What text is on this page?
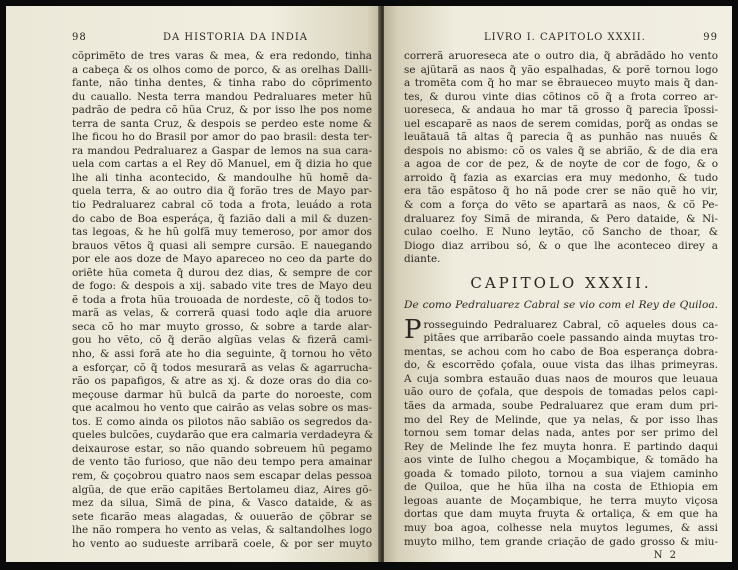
98	DA HISTORIA DA INDIA
cõprimẽto de tres varas & mea, & era redondo, tinha
a cabeça & os olhos como de porco, & as orelhas Dalli-
fante, não tinha dentes, & tinha rabo do cõprimento
du cauallo. Nesta terra mandou Pedraluares meter hũ
padrão de pedra cõ hũa Cruz, & por isso lhe pos nome
terra de santa Cruz, & despois se perdeo este nome &
lhe ficou ho do Brasil por amor do pao brasil: desta ter-
ra mandou Pedraluarez a Gaspar de lemos na sua cara-
uela com cartas a el Rey dõ Manuel, em q̃ dizia ho que
lhe ali tinha acontecido, & mandoulhe hũ homẽ da-
quela terra, & ao outro dia q̃ forão tres de Mayo par-
tio Pedraluarez cabral cõ toda a frota, leuádo a rota
do cabo de Boa esperáça, q̃ fazião dali a mil & duzen-
tas legoas, & he hũ golfã muy temeroso, por amor dos
brauos vẽtos q̃ quasi ali sempre cursão. E nauegando
por ele aos doze de Mayo apareceo no ceo da parte do
oriẽte hũa cometa q̃ durou dez dias, & sempre de cor
de fogo: & despois a xij. sabado vite tres de Mayo deu
ẽ toda a frota hũa trouoada de nordeste, cõ q̃ todos to-
marã as velas, & correrã quasi todo aqle dia aruore
seca cõ ho mar muyto grosso, & sobre a tarde alar-
gou ho vẽto, cõ q̃ derão algũas velas & fizerã cami-
nho, & assi forã ate ho dia seguinte, q̃ tornou ho vẽto
a esforçar, cõ q̃ todos mesurarã as velas & agarrucha-
rão os papafigos, & atre as xj. & doze oras do dia co-
meçouse darmar hũ bulcã da parte do noroeste, com
que acalmou ho vento que cairão as velas sobre os mas-
tos. E como ainda os pilotos não sabião os segredos da-
queles bulcões, cuydarão que era calmaria verdadeyra &
deixaurose estar, so não quando sobreuem hũ pegamo
de vento tão furioso, que não deu tempo pera amainar
rem, & çoçobrou quatro naos sem escapar delas pessoa
algũa, de que erão capitães Bertolameu diaz, Aires gõ-
mez da silua, Simã de pina, & Vasco dataide, & as
sete ficarão meas alagadas, & ouuerão de çõbrar se
lhe não rompera ho vento as velas, & saltandolhes logo
ho vento ao sudueste arribarã coele, & por ser muyto
LIVRO I. CAPITOLO XXXII.	99
correrã aruoreseca ate o outro dia, q̃ abrãdãdo ho vento
se ajũtarã as naos q̃ yão espalhadas, & porẽ tornou logo
a tromẽta com q̃ ho mar se ẽbraueceo muyto mais q̃ dan-
tes, & durou vinte dias cõtinos cõ q̃ a frota correo ar-
uoreseca, & andaua ho mar tã grosso q̃ parecia ĩpossi-
uel escaparẽ as naos de serem comidas, porq̃ as ondas se
leuãtauã tã altas q̃ parecia q̃ as punhão nas nuuẽs &
despois no abismo: cõ os vales q̃ se abrião, & de dia era
a agoa de cor de pez, & de noyte de cor de fogo, & o
arroido q̃ fazia as exarcias era muy medonho, & tudo
era tão espãtoso q̃ ho nã pode crer se não quẽ ho vir,
& com a força do vẽto se apartarã as naos, & cõ Pe-
draluarez foy Simã de miranda, & Pero dataide, & Ni-
culao coelho. E Nuno leytão, cõ Sancho de thoar, &
Diogo diaz arribou só, & o que lhe aconteceo direy a
diante.
CAPITOLO XXXII.
De como Pedraluarez Cabral se vio com el Rey de Quiloa.
P rosseguindo Pedraluarez Cabral, cõ aqueles dous ca-
pitães que arribarão coele passando ainda muytas tro-
mentas, se achou com ho cabo de Boa esperança dobra-
do, & escorrẽdo çofala, ouue vista das ilhas primeyras.
A cuja sombra estauão duas naos de mouros que leuaua
uão ouro de çofala, que despois de tomadas pelos capi-
tães da armada, soube Pedraluarez que eram dum pri-
mo del Rey de Melinde, que ya nelas, & por isso lhas
tornou sem tomar delas nada, antes por ser primo del
Rey de Melinde lhe fez muyta honra. E partindo daqui
aos vinte de Iulho chegou a Moçambique, & tomãdo ha
goada & tomado piloto, tornou a sua viajem caminho
de Quiloa, que he hũa ilha na costa de Ethiopia em
legoas auante de Moçambique, he terra muyto viçosa
dortas que dam muyta fruyta & ortaliça, & em que ha
muy boa agoa, colhesse nela muytos legumes, & assi
muyto milho, tem grande criação de gado grosso & miu-
N 2
